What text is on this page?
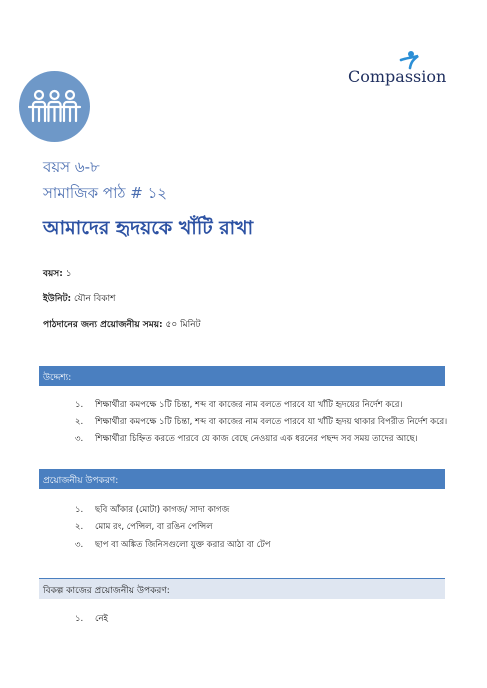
Compassion
বয়স ৬-৮
সামাজিক পাঠ # ১২
আমাদের হৃদয়কে খাঁটি রাখা
বয়স: ১
ইউনিট: যৌন বিকাশ
পাঠদানের জন্য প্রয়োজনীয় সময়: ৫০ মিনিট
উদ্দেশ্য:
১. শিক্ষার্থীরা কমপক্ষে ১টি চিন্তা, শব্দ বা কাজের নাম বলতে পারবে যা খাঁটি হৃদয়ের নির্দেশ করে।
২. শিক্ষার্থীরা কমপক্ষে ১টি চিন্তা, শব্দ বা কাজের নাম বলতে পারবে যা খাঁটি হৃদয় থাকার বিপরীত নির্দেশ করে।
৩. শিক্ষার্থীরা চিহ্নিত করতে পারবে যে কাজ বেছে নেওয়ার এক ধরনের পছন্দ সব সময় তাদের আছে।
প্রয়োজনীয় উপকরণ:
১. ছবি আঁকার (মোটা) কাগজ/ সাদা কাগজ
২. মোম রং, পেন্সিল, বা রঙিন পেন্সিল
৩. ছাপ বা অঙ্কিত জিনিসগুলো যুক্ত করার আঠা বা টেপ
বিকল্প কাজের প্রয়োজনীয় উপকরণ:
১. নেই
